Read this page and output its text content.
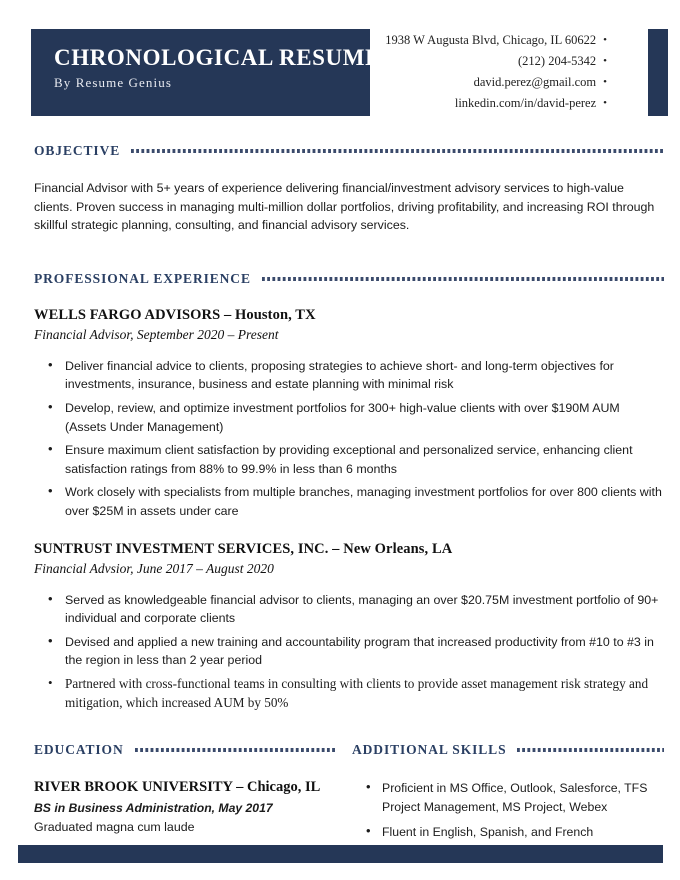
CHRONOLOGICAL RESUME
By Resume Genius
1938 W Augusta Blvd, Chicago, IL 60622 •
(212) 204-5342 •
david.perez@gmail.com •
linkedin.com/in/david-perez •
OBJECTIVE
Financial Advisor with 5+ years of experience delivering financial/investment advisory services to high-value clients. Proven success in managing multi-million dollar portfolios, driving profitability, and increasing ROI through skillful strategic planning, consulting, and financial advisory services.
PROFESSIONAL EXPERIENCE
WELLS FARGO ADVISORS – Houston, TX
Financial Advisor, September 2020 – Present
• Deliver financial advice to clients, proposing strategies to achieve short- and long-term objectives for investments, insurance, business and estate planning with minimal risk
• Develop, review, and optimize investment portfolios for 300+ high-value clients with over $190M AUM (Assets Under Management)
• Ensure maximum client satisfaction by providing exceptional and personalized service, enhancing client satisfaction ratings from 88% to 99.9% in less than 6 months
• Work closely with specialists from multiple branches, managing investment portfolios for over 800 clients with over $25M in assets under care
SUNTRUST INVESTMENT SERVICES, INC. – New Orleans, LA
Financial Advsior, June 2017 – August 2020
• Served as knowledgeable financial advisor to clients, managing an over $20.75M investment portfolio of 90+ individual and corporate clients
• Devised and applied a new training and accountability program that increased productivity from #10 to #3 in the region in less than 2 year period
• Partnered with cross-functional teams in consulting with clients to provide asset management risk strategy and mitigation, which increased AUM by 50%
EDUCATION
RIVER BROOK UNIVERSITY – Chicago, IL
BS in Business Administration, May 2017
Graduated magna cum laude
ADDITIONAL SKILLS
• Proficient in MS Office, Outlook, Salesforce, TFS Project Management, MS Project, Webex
• Fluent in English, Spanish, and French
